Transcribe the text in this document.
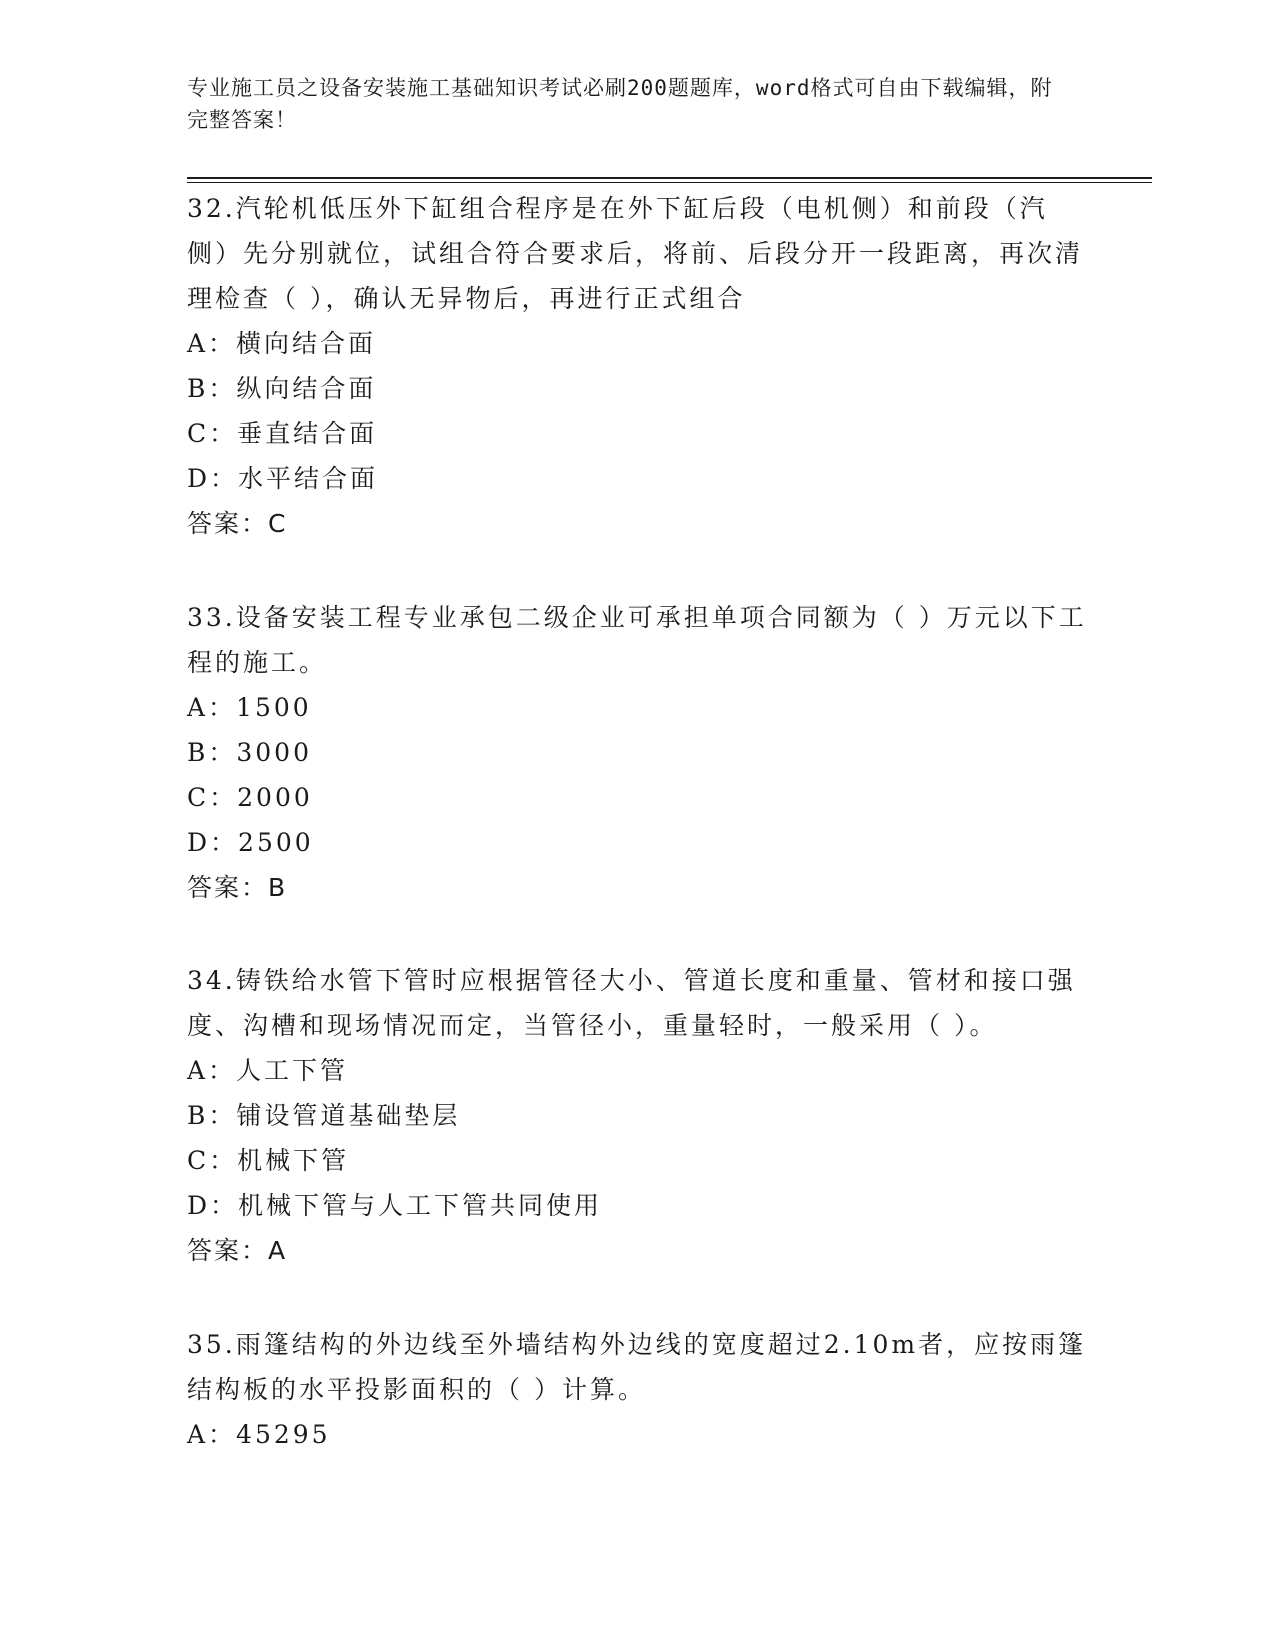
专业施工员之设备安装施工基础知识考试必刷200题题库，word格式可自由下载编辑，附完整答案！

32.汽轮机低压外下缸组合程序是在外下缸后段（电机侧）和前段（汽侧）先分别就位，试组合符合要求后，将前、后段分开一段距离，再次清理检查（ ），确认无异物后，再进行正式组合

A：横向结合面

B：纵向结合面

C：垂直结合面

D：水平结合面

答案：C

33.设备安装工程专业承包二级企业可承担单项合同额为（ ）万元以下工程的施工。

A：1500

B：3000

C：2000

D：2500

答案：B

34.铸铁给水管下管时应根据管径大小、管道长度和重量、管材和接口强度、沟槽和现场情况而定，当管径小，重量轻时，一般采用（ ）。

A：人工下管

B：铺设管道基础垫层

C：机械下管

D：机械下管与人工下管共同使用

答案：A

35.雨篷结构的外边线至外墙结构外边线的宽度超过2.10m者，应按雨篷结构板的水平投影面积的（ ）计算。

A：45295
